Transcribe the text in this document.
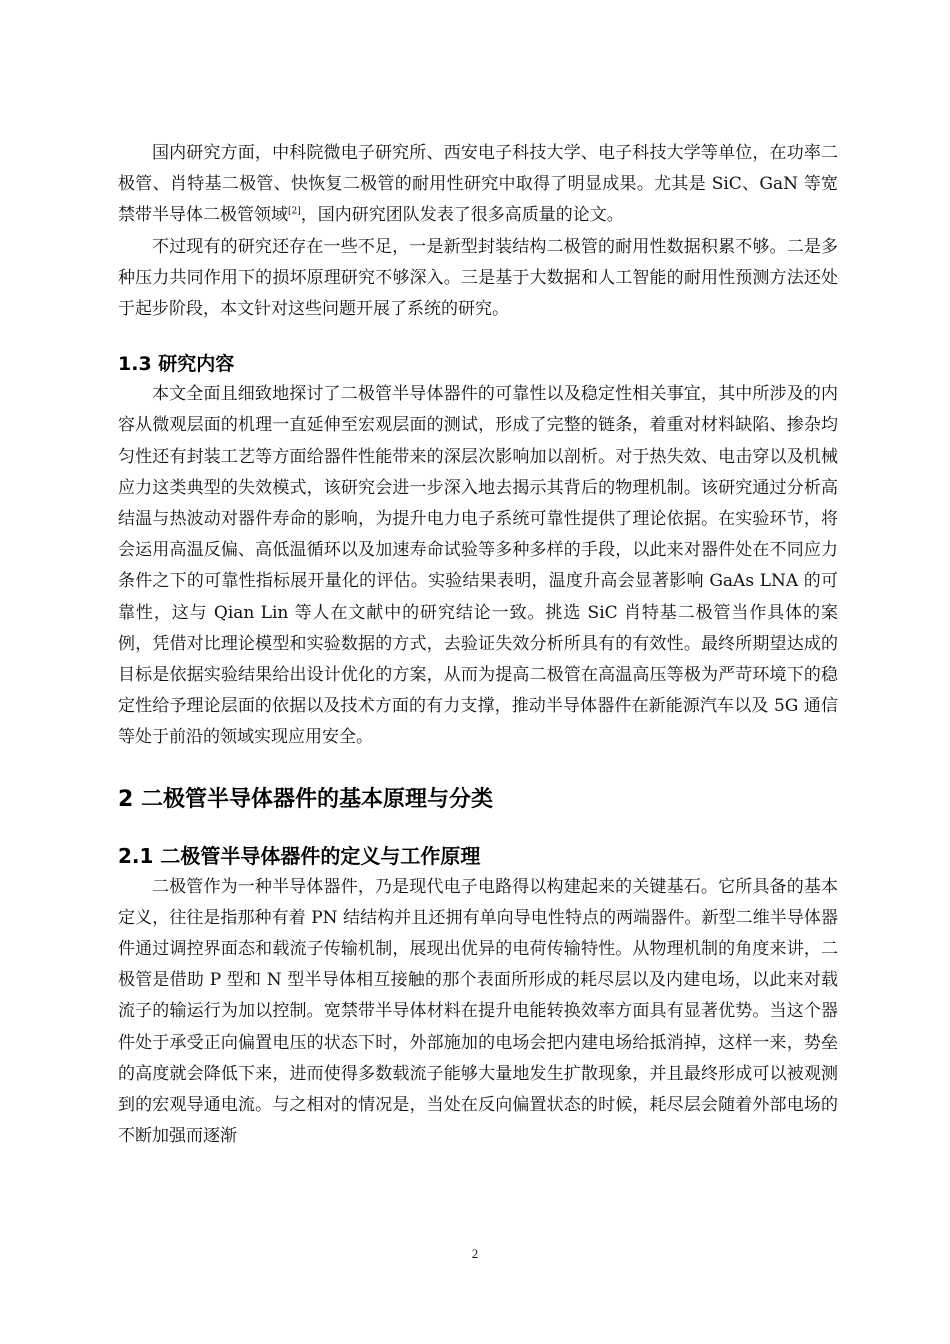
国内研究方面，中科院微电子研究所、西安电子科技大学、电子科技大学等单位，在功率二极管、肖特基二极管、快恢复二极管的耐用性研究中取得了明显成果。尤其是 SiC、GaN 等宽禁带半导体二极管领域[2]，国内研究团队发表了很多高质量的论文。

不过现有的研究还存在一些不足，一是新型封装结构二极管的耐用性数据积累不够。二是多种压力共同作用下的损坏原理研究不够深入。三是基于大数据和人工智能的耐用性预测方法还处于起步阶段，本文针对这些问题开展了系统的研究。

1.3 研究内容

本文全面且细致地探讨了二极管半导体器件的可靠性以及稳定性相关事宜，其中所涉及的内容从微观层面的机理一直延伸至宏观层面的测试，形成了完整的链条，着重对材料缺陷、掺杂均匀性还有封装工艺等方面给器件性能带来的深层次影响加以剖析。对于热失效、电击穿以及机械应力这类典型的失效模式，该研究会进一步深入地去揭示其背后的物理机制。该研究通过分析高结温与热波动对器件寿命的影响，为提升电力电子系统可靠性提供了理论依据。在实验环节，将会运用高温反偏、高低温循环以及加速寿命试验等多种多样的手段，以此来对器件处在不同应力条件之下的可靠性指标展开量化的评估。实验结果表明，温度升高会显著影响 GaAs LNA 的可靠性，这与 Qian Lin 等人在文献中的研究结论一致。挑选 SiC 肖特基二极管当作具体的案例，凭借对比理论模型和实验数据的方式，去验证失效分析所具有的有效性。最终所期望达成的目标是依据实验结果给出设计优化的方案，从而为提高二极管在高温高压等极为严苛环境下的稳定性给予理论层面的依据以及技术方面的有力支撑，推动半导体器件在新能源汽车以及 5G 通信等处于前沿的领域实现应用安全。

2 二极管半导体器件的基本原理与分类
2.1 二极管半导体器件的定义与工作原理

二极管作为一种半导体器件，乃是现代电子电路得以构建起来的关键基石。它所具备的基本定义，往往是指那种有着 PN 结结构并且还拥有单向导电性特点的两端器件。新型二维半导体器件通过调控界面态和载流子传输机制，展现出优异的电荷传输特性。从物理机制的角度来讲，二极管是借助 P 型和 N 型半导体相互接触的那个表面所形成的耗尽层以及内建电场，以此来对载流子的输运行为加以控制。宽禁带半导体材料在提升电能转换效率方面具有显著优势。当这个器件处于承受正向偏置电压的状态下时，外部施加的电场会把内建电场给抵消掉，这样一来，势垒的高度就会降低下来，进而使得多数载流子能够大量地发生扩散现象，并且最终形成可以被观测到的宏观导通电流。与之相对的情况是，当处在反向偏置状态的时候，耗尽层会随着外部电场的不断加强而逐渐

2
